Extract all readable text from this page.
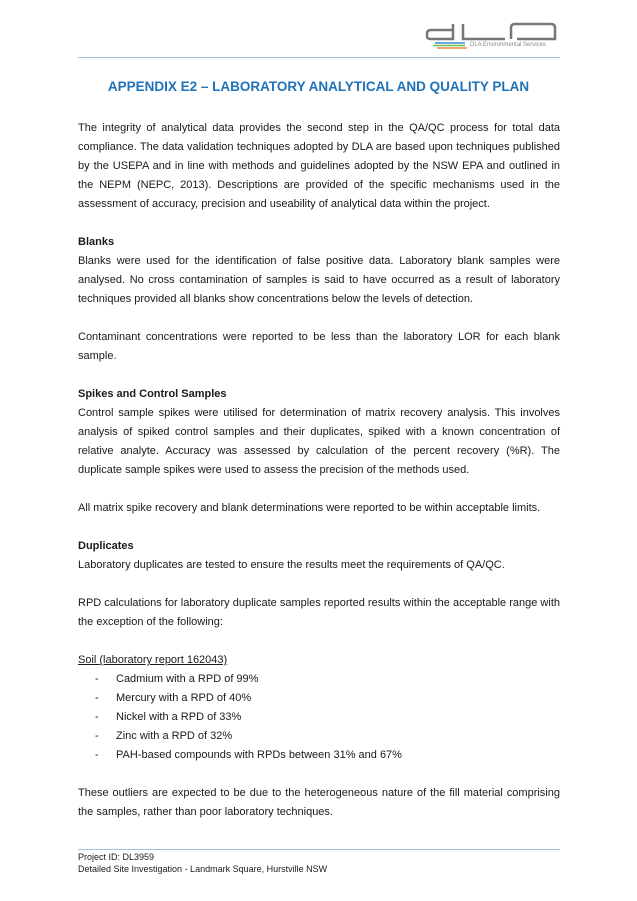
DLA Environmental Services
APPENDIX E2 – LABORATORY ANALYTICAL AND QUALITY PLAN

The integrity of analytical data provides the second step in the QA/QC process for total data compliance. The data validation techniques adopted by DLA are based upon techniques published by the USEPA and in line with methods and guidelines adopted by the NSW EPA and outlined in the NEPM (NEPC, 2013). Descriptions are provided of the specific mechanisms used in the assessment of accuracy, precision and useability of analytical data within the project.

Blanks

Blanks were used for the identification of false positive data. Laboratory blank samples were analysed. No cross contamination of samples is said to have occurred as a result of laboratory techniques provided all blanks show concentrations below the levels of detection.

Contaminant concentrations were reported to be less than the laboratory LOR for each blank sample.

Spikes and Control Samples

Control sample spikes were utilised for determination of matrix recovery analysis. This involves analysis of spiked control samples and their duplicates, spiked with a known concentration of relative analyte. Accuracy was assessed by calculation of the percent recovery (%R). The duplicate sample spikes were used to assess the precision of the methods used.

All matrix spike recovery and blank determinations were reported to be within acceptable limits.

Duplicates

Laboratory duplicates are tested to ensure the results meet the requirements of QA/QC.

RPD calculations for laboratory duplicate samples reported results within the acceptable range with the exception of the following:

Soil (laboratory report 162043)
- Cadmium with a RPD of 99%
- Mercury with a RPD of 40%
- Nickel with a RPD of 33%
- Zinc with a RPD of 32%
- PAH-based compounds with RPDs between 31% and 67%

These outliers are expected to be due to the heterogeneous nature of the fill material comprising the samples, rather than poor laboratory techniques.

Project ID: DL3959
Detailed Site Investigation - Landmark Square, Hurstville NSW
